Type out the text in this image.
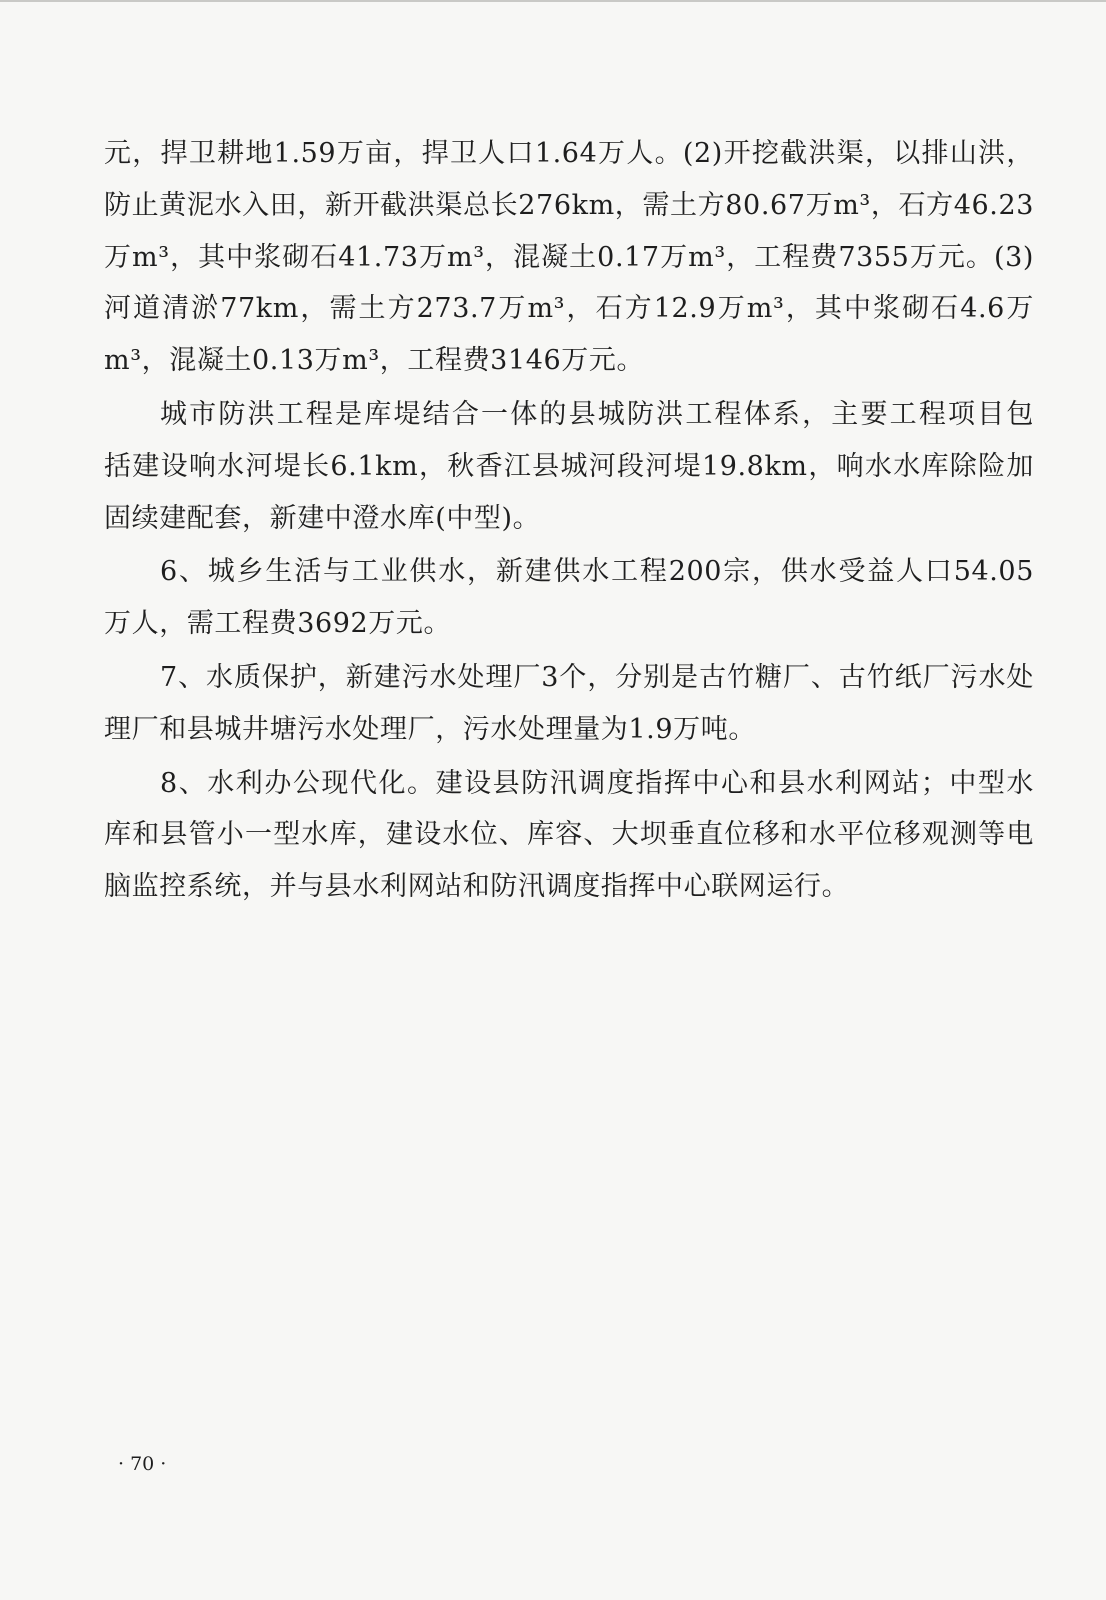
元，捍卫耕地1.59万亩，捍卫人口1.64万人。(2)开挖截洪渠，以排山洪，
防止黄泥水入田，新开截洪渠总长276km，需土方80.67万m³，石方46.23
万m³，其中浆砌石41.73万m³，混凝土0.17万m³，工程费7355万元。(3)
河道清淤77km，需土方273.7万m³，石方12.9万m³，其中浆砌石4.6万
m³，混凝土0.13万m³，工程费3146万元。
城市防洪工程是库堤结合一体的县城防洪工程体系，主要工程项目包
括建设响水河堤长6.1km，秋香江县城河段河堤19.8km，响水水库除险加
固续建配套，新建中澄水库(中型)。
6、城乡生活与工业供水，新建供水工程200宗，供水受益人口54.05
万人，需工程费3692万元。
7、水质保护，新建污水处理厂3个，分别是古竹糖厂、古竹纸厂污水处
理厂和县城井塘污水处理厂，污水处理量为1.9万吨。
8、水利办公现代化。建设县防汛调度指挥中心和县水利网站；中型水
库和县管小一型水库，建设水位、库容、大坝垂直位移和水平位移观测等电
脑监控系统，并与县水利网站和防汛调度指挥中心联网运行。
· 70 ·
